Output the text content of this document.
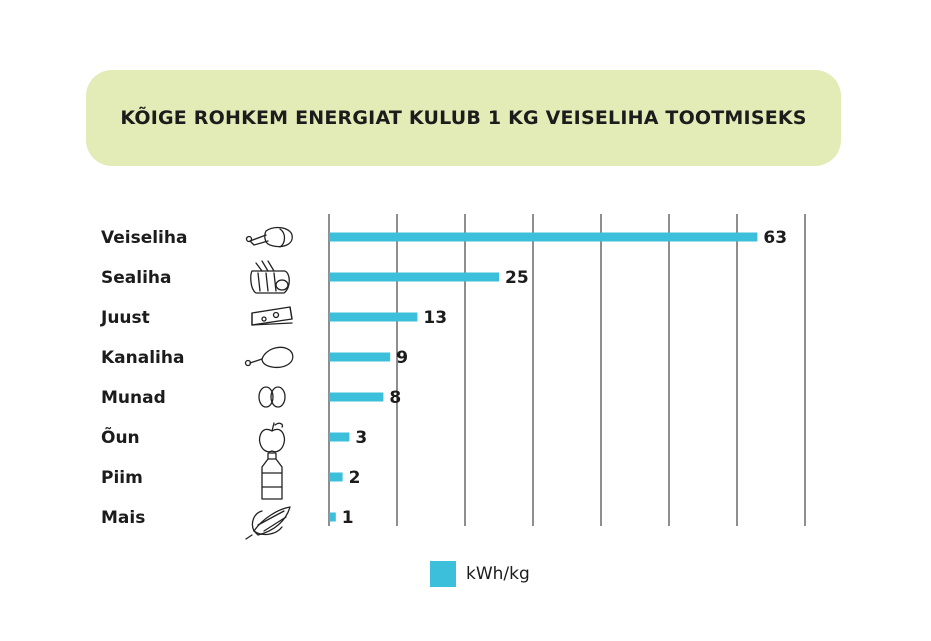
KÕIGE ROHKEM ENERGIAT KULUB 1 KG VEISELIHA TOOTMISEKS
Veiseliha	63
Sealiha	25
Juust	13
Kanaliha	9
Munad	8
Õun	3
Piim	2
Mais	1
kWh/kg
